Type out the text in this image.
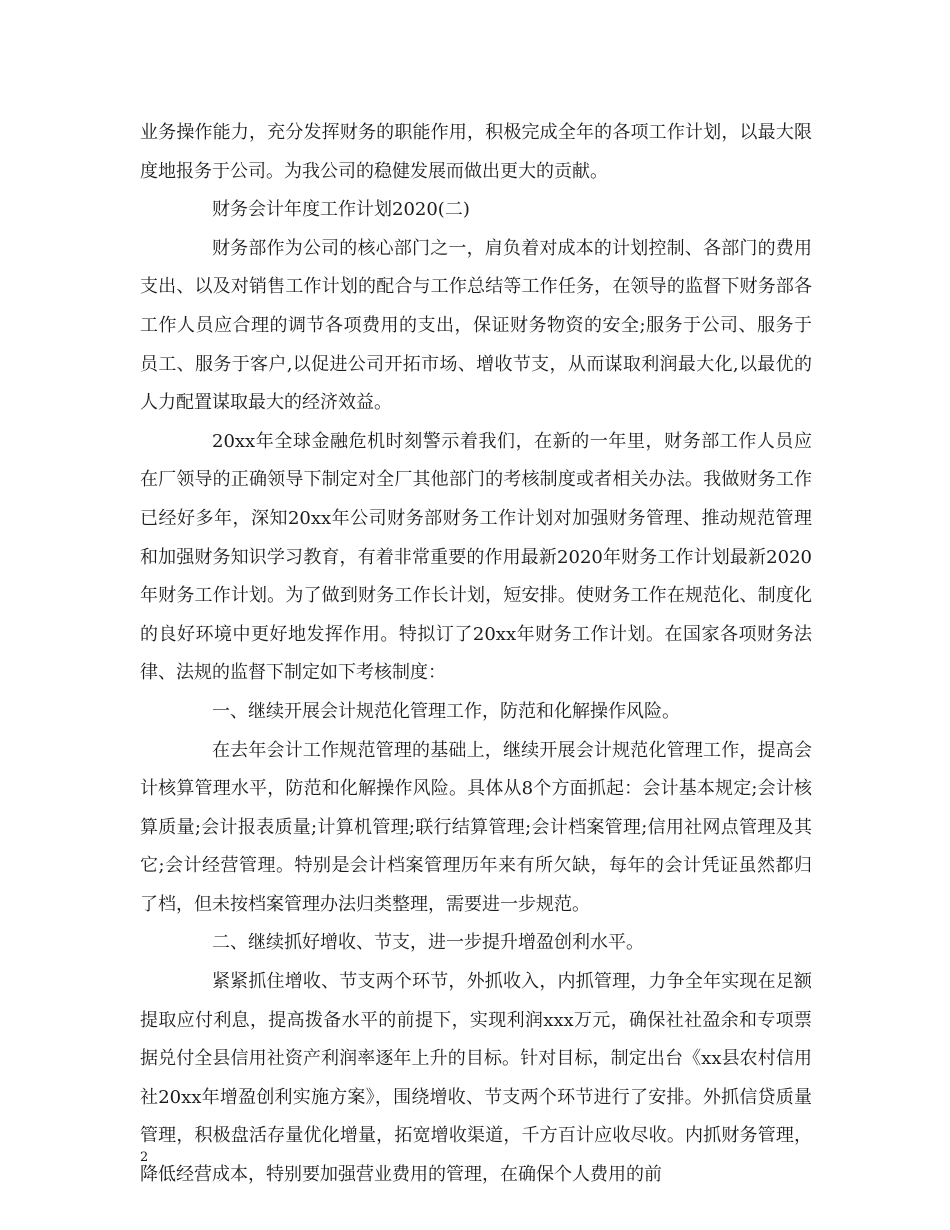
业务操作能力，充分发挥财务的职能作用，积极完成全年的各项工作计划，以最大限度地报务于公司。为我公司的稳健发展而做出更大的贡献。

财务会计年度工作计划2020(二)

财务部作为公司的核心部门之一，肩负着对成本的计划控制、各部门的费用支出、以及对销售工作计划的配合与工作总结等工作任务，在领导的监督下财务部各工作人员应合理的调节各项费用的支出，保证财务物资的安全;服务于公司、服务于员工、服务于客户,以促进公司开拓市场、增收节支，从而谋取利润最大化,以最优的人力配置谋取最大的经济效益。

20xx年全球金融危机时刻警示着我们，在新的一年里，财务部工作人员应在厂领导的正确领导下制定对全厂其他部门的考核制度或者相关办法。我做财务工作已经好多年，深知20xx年公司财务部财务工作计划对加强财务管理、推动规范管理和加强财务知识学习教育，有着非常重要的作用最新2020年财务工作计划最新2020年财务工作计划。为了做到财务工作长计划，短安排。使财务工作在规范化、制度化的良好环境中更好地发挥作用。特拟订了20xx年财务工作计划。在国家各项财务法律、法规的监督下制定如下考核制度：

一、继续开展会计规范化管理工作，防范和化解操作风险。

在去年会计工作规范管理的基础上，继续开展会计规范化管理工作，提高会计核算管理水平，防范和化解操作风险。具体从8个方面抓起：会计基本规定;会计核算质量;会计报表质量;计算机管理;联行结算管理;会计档案管理;信用社网点管理及其它;会计经营管理。特别是会计档案管理历年来有所欠缺，每年的会计凭证虽然都归了档，但未按档案管理办法归类整理，需要进一步规范。

二、继续抓好增收、节支，进一步提升增盈创利水平。

紧紧抓住增收、节支两个环节，外抓收入，内抓管理，力争全年实现在足额提取应付利息，提高拨备水平的前提下，实现利润xxx万元，确保社社盈余和专项票据兑付全县信用社资产利润率逐年上升的目标。针对目标，制定出台《xx县农村信用社20xx年增盈创利实施方案》，围绕增收、节支两个环节进行了安排。外抓信贷质量管理，积极盘活存量优化增量，拓宽增收渠道，千方百计应收尽收。内抓财务管理，降低经营成本，特别要加强营业费用的管理，在确保个人费用的前

2
